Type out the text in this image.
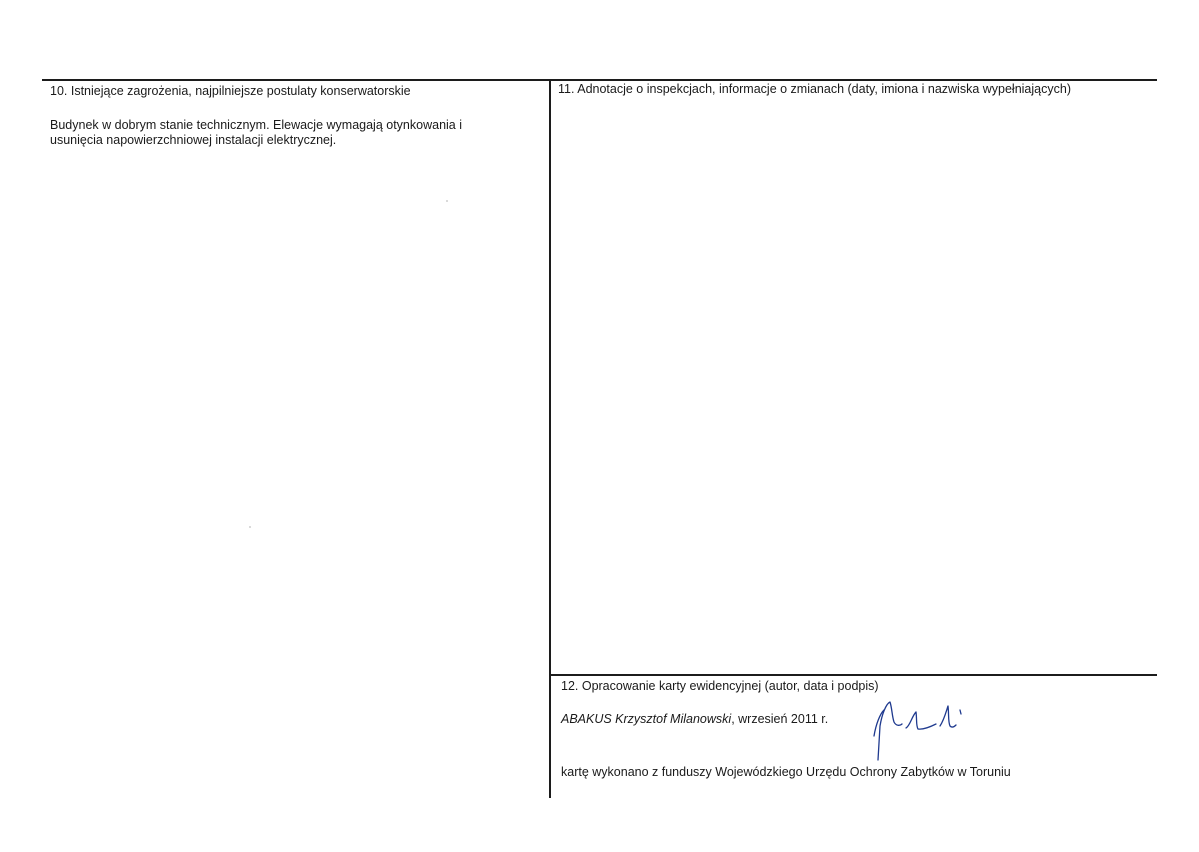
10. Istniejące zagrożenia, najpilniejsze postulaty konserwatorskie
Budynek w dobrym stanie technicznym. Elewacje wymagają otynkowania i
usunięcia napowierzchniowej instalacji elektrycznej.
11. Adnotacje o inspekcjach, informacje o zmianach (daty, imiona i nazwiska wypełniających)
12. Opracowanie karty ewidencyjnej (autor, data i podpis)
ABAKUS Krzysztof Milanowski, wrzesień 2011 r.
kartę wykonano z funduszy Wojewódzkiego Urzędu Ochrony Zabytków w Toruniu
